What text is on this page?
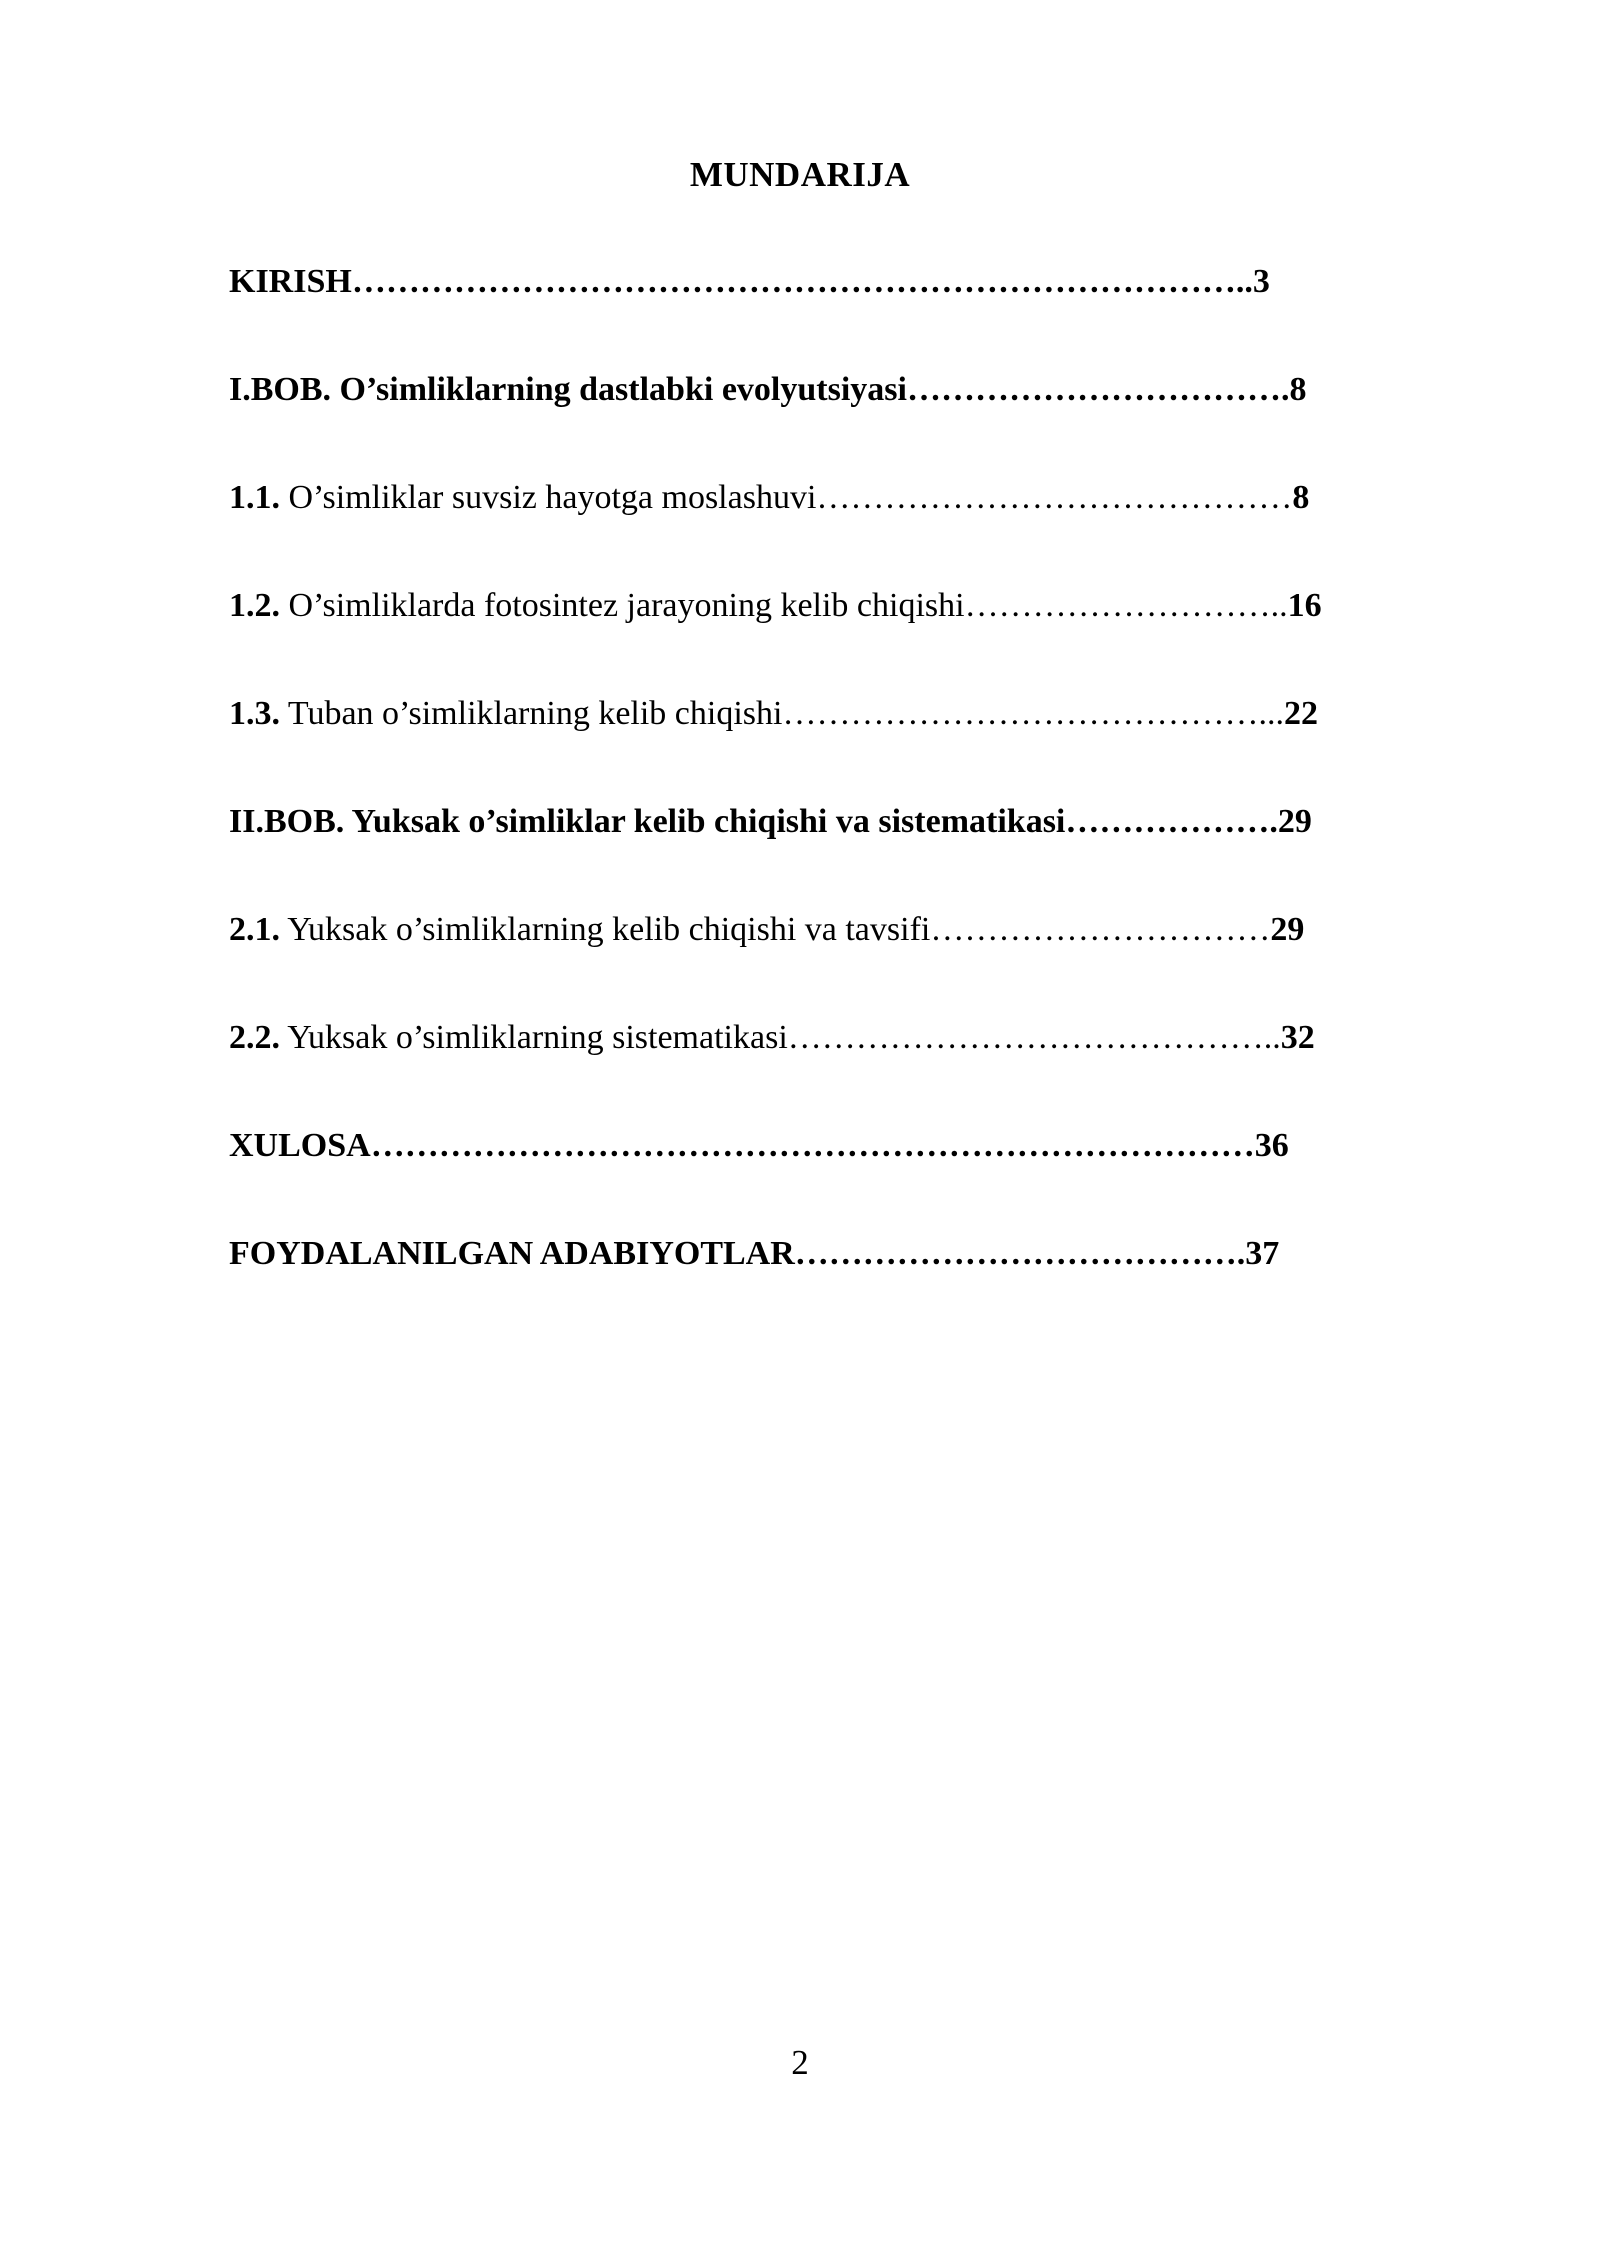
MUNDARIJA
KIRISH……………………………………………………………………..3
I.BOB. O’simliklarning dastlabki evolyutsiyasi…………………………….8
1.1. O’simliklar suvsiz hayotga moslashuvi……………………………………8
1.2. O’simliklarda fotosintez jarayoning kelib chiqishi………………………..16
1.3. Tuban o’simliklarning kelib chiqishi……………………………………...22
II.BOB. Yuksak o’simliklar kelib chiqishi va sistematikasi……………….29
2.1. Yuksak o’simliklarning kelib chiqishi va tavsifi…………………………29
2.2. Yuksak o’simliklarning sistematikasi……………………………………..32
XULOSA……………………………………………………………………36
FOYDALANILGAN ADABIYOTLAR………………………………….37
2
